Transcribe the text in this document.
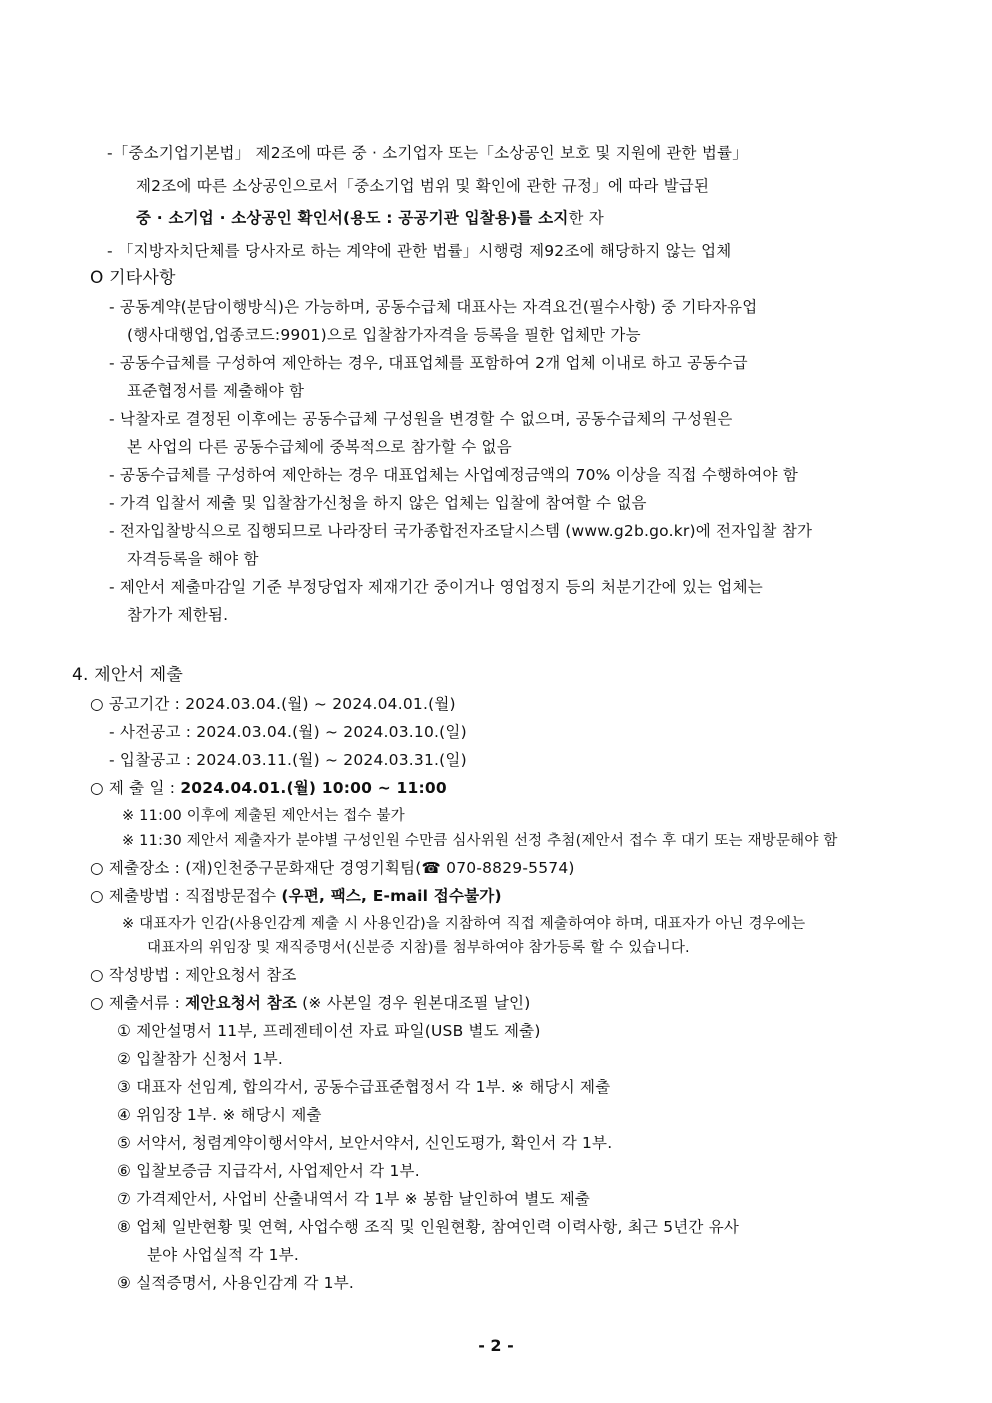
-「중소기업기본법」 제2조에 따른 중 · 소기업자 또는「소상공인 보호 및 지원에 관한 법률」
제2조에 따른 소상공인으로서「중소기업 범위 및 확인에 관한 규정」에 따라 발급된
중 · 소기업 · 소상공인 확인서(용도 : 공공기관 입찰용)를 소지한 자
- 「지방자치단체를 당사자로 하는 계약에 관한 법률」시행령 제92조에 해당하지 않는 업체
O 기타사항
- 공동계약(분담이행방식)은 가능하며, 공동수급체 대표사는 자격요건(필수사항) 중 기타자유업
(행사대행업,업종코드:9901)으로 입찰참가자격을 등록을 필한 업체만 가능
- 공동수급체를 구성하여 제안하는 경우, 대표업체를 포함하여 2개 업체 이내로 하고 공동수급
표준협정서를 제출해야 함
- 낙찰자로 결정된 이후에는 공동수급체 구성원을 변경할 수 없으며, 공동수급체의 구성원은
본 사업의 다른 공동수급체에 중복적으로 참가할 수 없음
- 공동수급체를 구성하여 제안하는 경우 대표업체는 사업예정금액의 70% 이상을 직접 수행하여야 함
- 가격 입찰서 제출 및 입찰참가신청을 하지 않은 업체는 입찰에 참여할 수 없음
- 전자입찰방식으로 집행되므로 나라장터 국가종합전자조달시스템 (www.g2b.go.kr)에 전자입찰 참가
자격등록을 해야 함
- 제안서 제출마감일 기준 부정당업자 제재기간 중이거나 영업정지 등의 처분기간에 있는 업체는
참가가 제한됨.
4. 제안서 제출
○ 공고기간 : 2024.03.04.(월) ~ 2024.04.01.(월)
- 사전공고 : 2024.03.04.(월) ~ 2024.03.10.(일)
- 입찰공고 : 2024.03.11.(월) ~ 2024.03.31.(일)
○ 제 출 일 : 2024.04.01.(월) 10:00 ~ 11:00
※ 11:00 이후에 제출된 제안서는 접수 불가
※ 11:30 제안서 제출자가 분야별 구성인원 수만큼 심사위원 선정 추첨(제안서 접수 후 대기 또는 재방문해야 함
○ 제출장소 : (재)인천중구문화재단 경영기획팀(☎ 070-8829-5574)
○ 제출방법 : 직접방문접수 (우편, 팩스, E-mail 접수불가)
※ 대표자가 인감(사용인감계 제출 시 사용인감)을 지참하여 직접 제출하여야 하며, 대표자가 아닌 경우에는
대표자의 위임장 및 재직증명서(신분증 지참)를 첨부하여야 참가등록 할 수 있습니다.
○ 작성방법 : 제안요청서 참조
○ 제출서류 : 제안요청서 참조 (※ 사본일 경우 원본대조필 날인)
① 제안설명서 11부, 프레젠테이션 자료 파일(USB 별도 제출)
② 입찰참가 신청서 1부.
③ 대표자 선임계, 합의각서, 공동수급표준협정서 각 1부. ※ 해당시 제출
④ 위임장 1부. ※ 해당시 제출
⑤ 서약서, 청렴계약이행서약서, 보안서약서, 신인도평가, 확인서 각 1부.
⑥ 입찰보증금 지급각서, 사업제안서 각 1부.
⑦ 가격제안서, 사업비 산출내역서 각 1부 ※ 봉함 날인하여 별도 제출
⑧ 업체 일반현황 및 연혁, 사업수행 조직 및 인원현황, 참여인력 이력사항, 최근 5년간 유사
분야 사업실적 각 1부.
⑨ 실적증명서, 사용인감계 각 1부.
- 2 -
